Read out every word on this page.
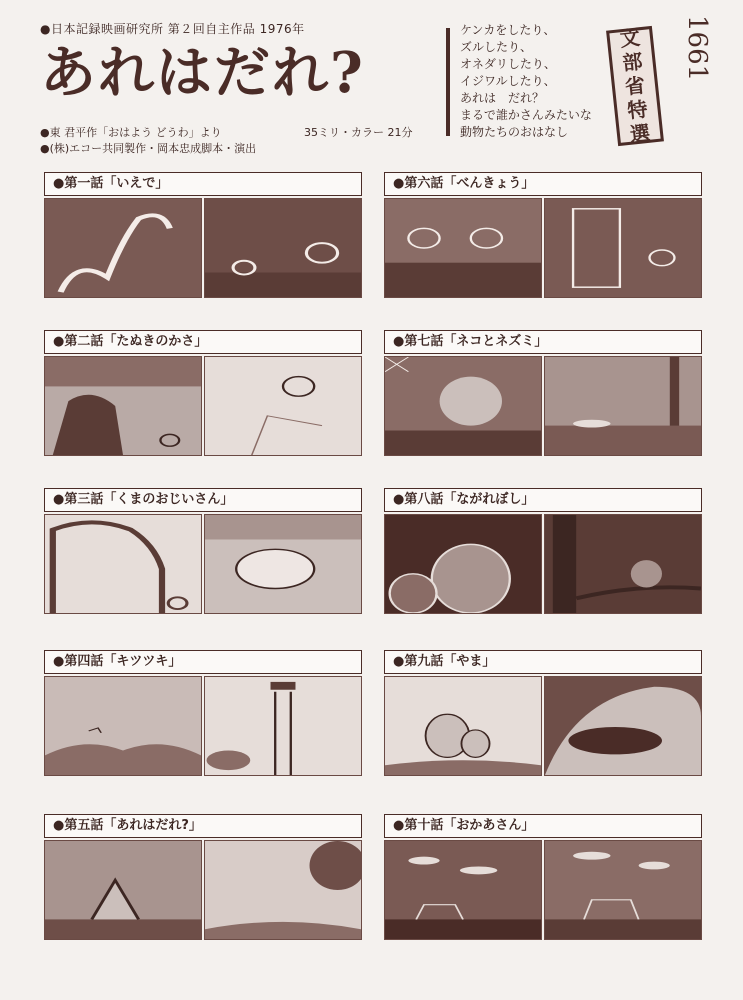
●日本記録映画研究所 第２回自主作品 1976年
あれはだれ?
●東 君平作「おはよう どうわ」より	35ミリ・カラー 21分
●(株)エコー共同製作・岡本忠成脚本・演出
ケンカをしたり、
ズルしたり、
オネダリしたり、
イジワルしたり、
あれは　だれ？
まるで誰かさんみたいな
動物たちのおはなし
文
部
省
特
選
1661
●第一話「いえで」
●第二話「たぬきのかさ」
●第三話「くまのおじいさん」
●第四話「キツツキ」
●第五話「あれはだれ?」
●第六話「べんきょう」
●第七話「ネコとネズミ」
●第八話「ながれぼし」
●第九話「やま」
●第十話「おかあさん」
